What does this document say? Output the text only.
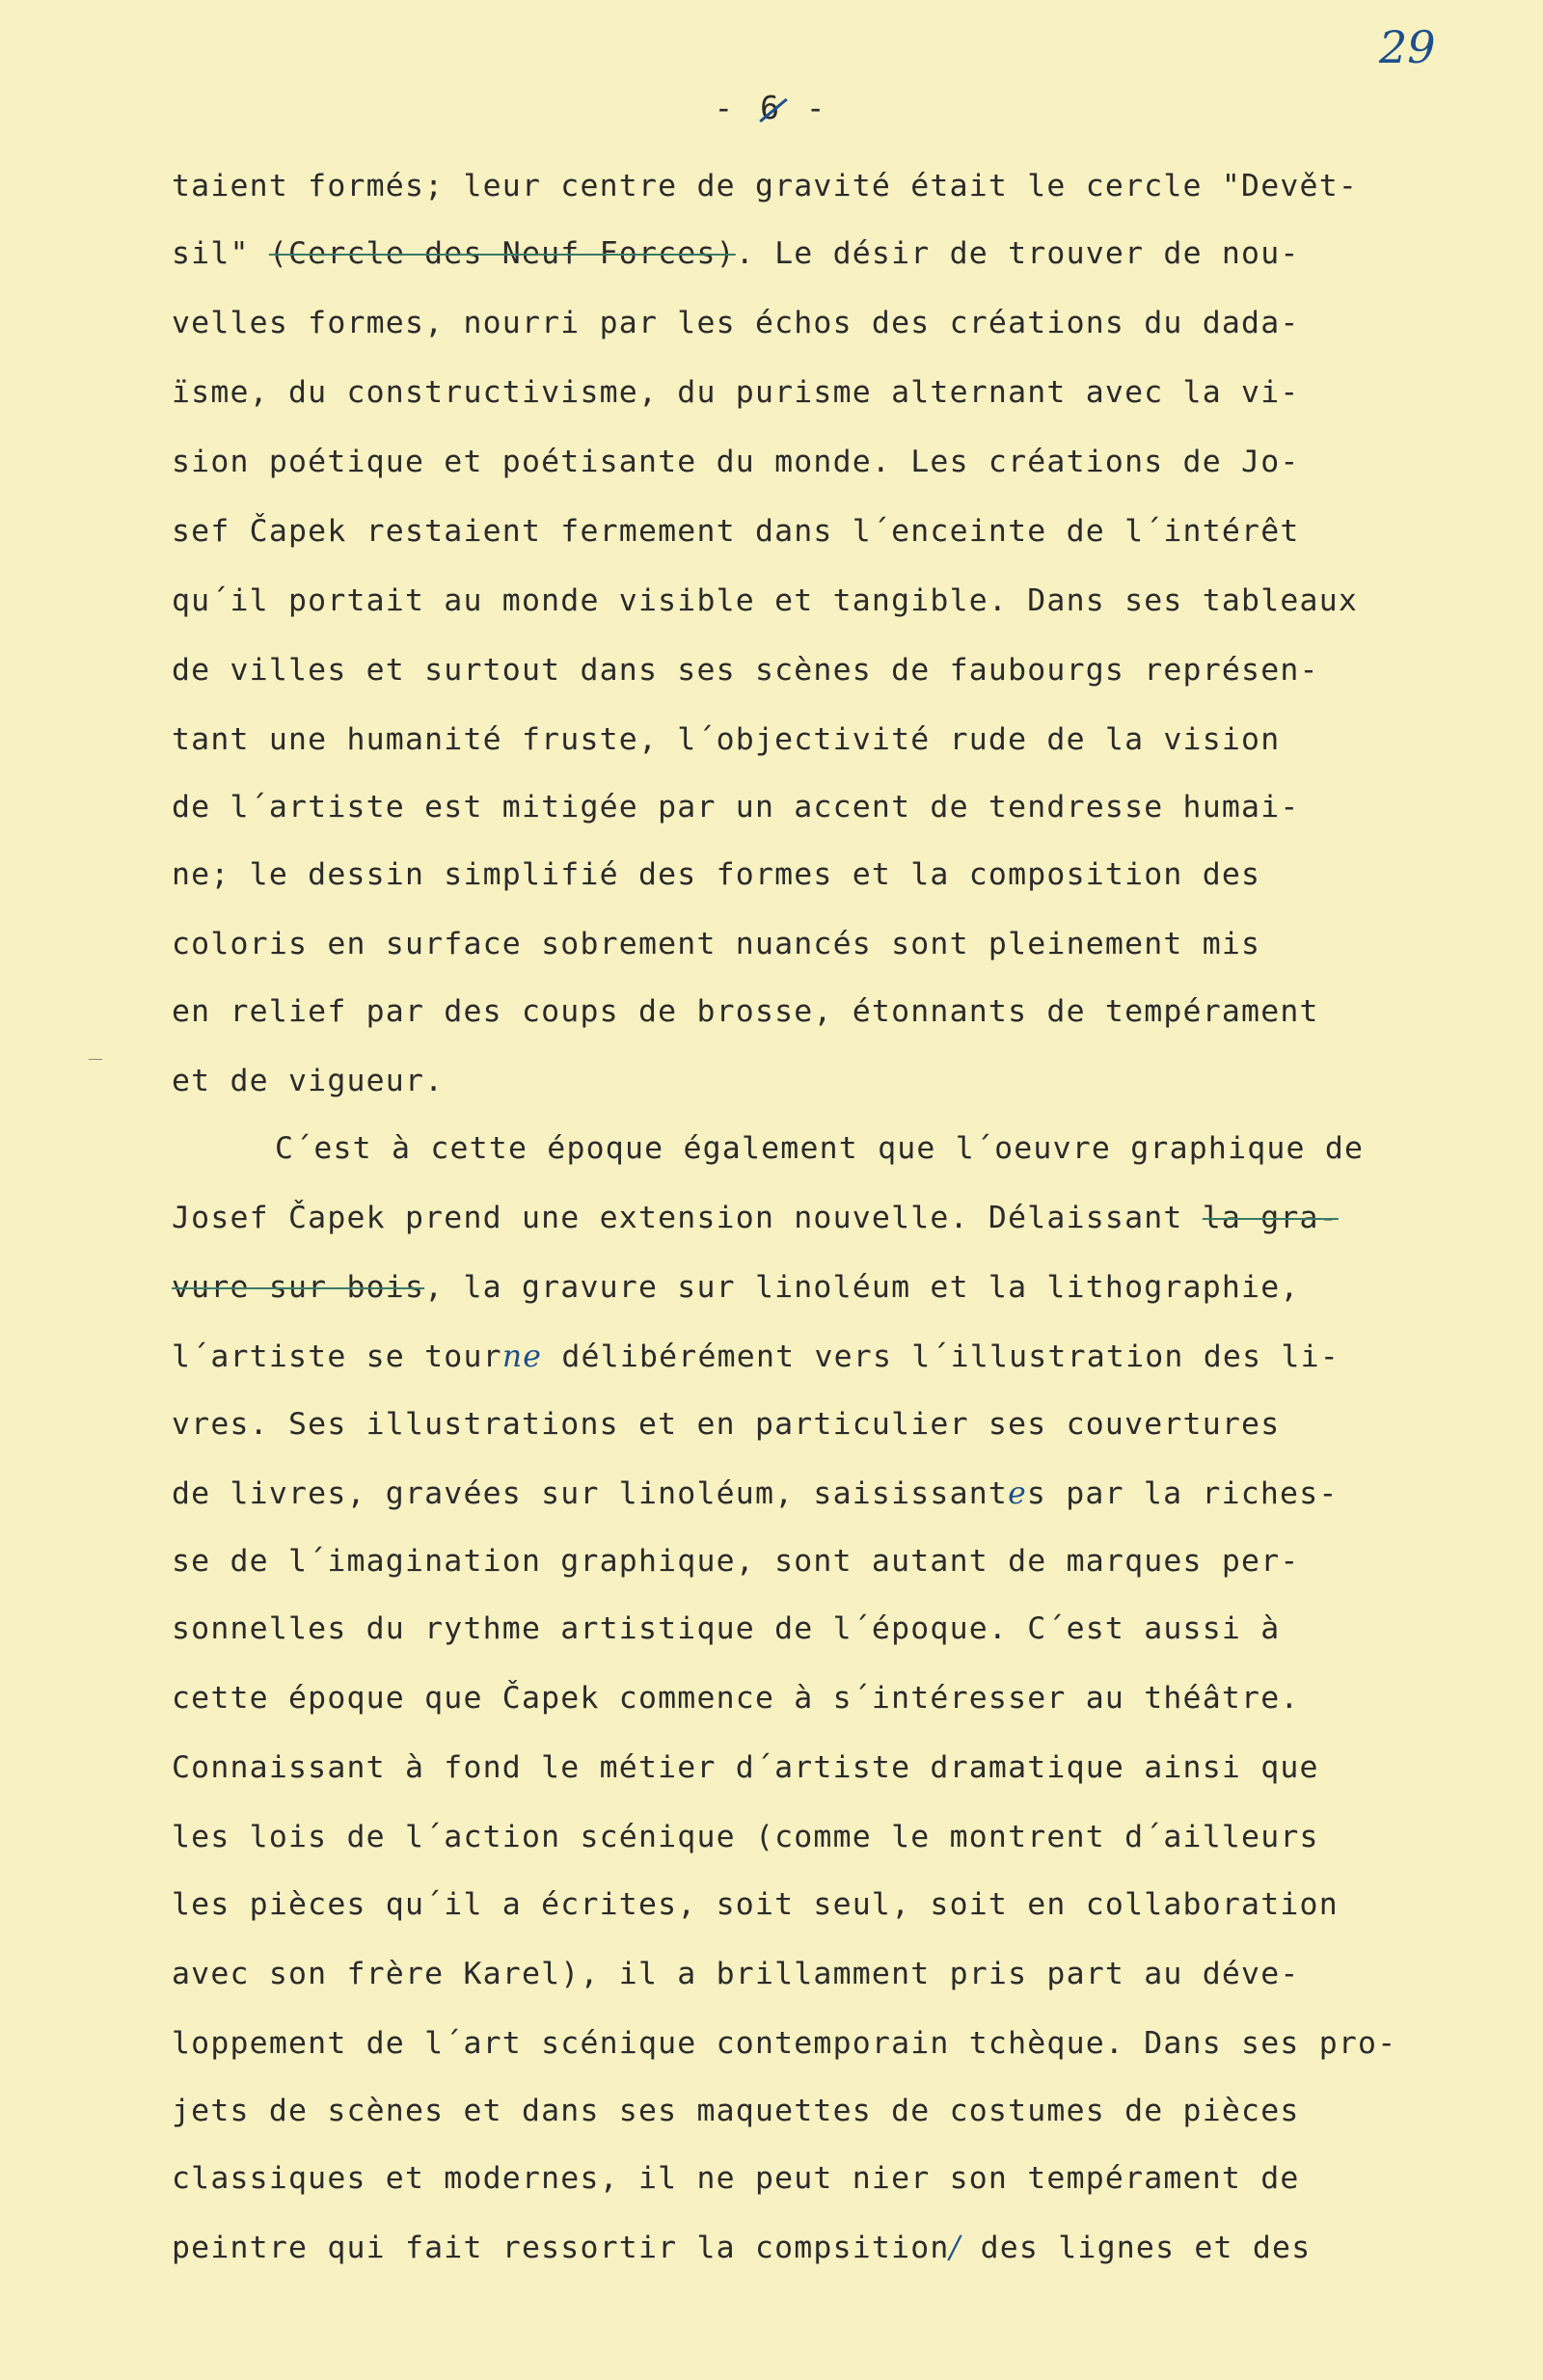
29
- 6 -
taient formés; leur centre de gravité était le cercle "Devět-
sil" (Cercle des Neuf Forces). Le désir de trouver de nou-
velles formes, nourri par les échos des créations du dada-
ïsme, du constructivisme, du purisme alternant avec la vi-
sion poétique et poétisante du monde. Les créations de Jo-
sef Čapek restaient fermement dans l´enceinte de l´intérêt
qu´il portait au monde visible et tangible. Dans ses tableaux
de villes et surtout dans ses scènes de faubourgs représen-
tant une humanité fruste, l´objectivité rude de la vision
de l´artiste est mitigée par un accent de tendresse humai-
ne; le dessin simplifié des formes et la composition des
coloris en surface sobrement nuancés sont pleinement mis
en relief par des coups de brosse, étonnants de tempérament
et de vigueur.
C´est à cette époque également que l´oeuvre graphique de
Josef Čapek prend une extension nouvelle. Délaissant la gra-
vure sur bois, la gravure sur linoléum et la lithographie,
l´artiste se tourne délibérément vers l´illustration des li-
vres. Ses illustrations et en particulier ses couvertures
de livres, gravées sur linoléum, saisissantes par la riches-
se de l´imagination graphique, sont autant de marques per-
sonnelles du rythme artistique de l´époque. C´est aussi à
cette époque que Čapek commence à s´intéresser au théâtre.
Connaissant à fond le métier d´artiste dramatique ainsi que
les lois de l´action scénique (comme le montrent d´ailleurs
les pièces qu´il a écrites, soit seul, soit en collaboration
avec son frère Karel), il a brillamment pris part au déve-
loppement de l´art scénique contemporain tchèque. Dans ses pro-
jets de scènes et dans ses maquettes de costumes de pièces
classiques et modernes, il ne peut nier son tempérament de
peintre qui fait ressortir la compsition/ des lignes et des
